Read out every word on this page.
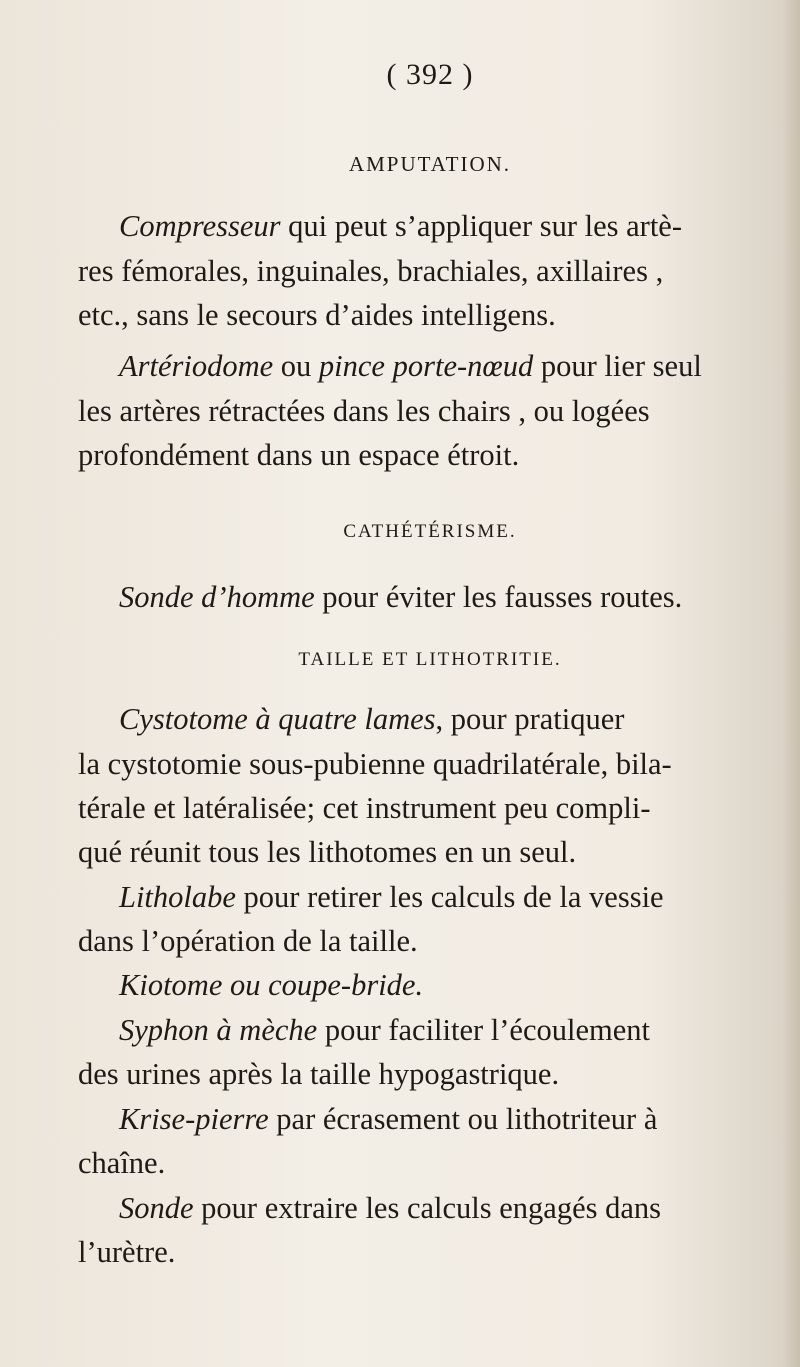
( 392 )
AMPUTATION.
Compresseur qui peut s’appliquer sur les artè-
res fémorales, inguinales, brachiales, axillaires ,
etc., sans le secours d’aides intelligens.
Artériodome ou pince porte-nœud pour lier seul
les artères rétractées dans les chairs , ou logées
profondément dans un espace étroit.
CATHÉTÉRISME.
Sonde d’homme pour éviter les fausses routes.
TAILLE ET LITHOTRITIE.
Cystotome à quatre lames, pour pratiquer
la cystotomie sous-pubienne quadrilatérale, bila-
térale et latéralisée; cet instrument peu compli-
qué réunit tous les lithotomes en un seul.
Litholabe pour retirer les calculs de la vessie
dans l’opération de la taille.
Kiotome ou coupe-bride.
Syphon à mèche pour faciliter l’écoulement
des urines après la taille hypogastrique.
Krise-pierre par écrasement ou lithotriteur à
chaîne.
Sonde pour extraire les calculs engagés dans
l’urètre.
